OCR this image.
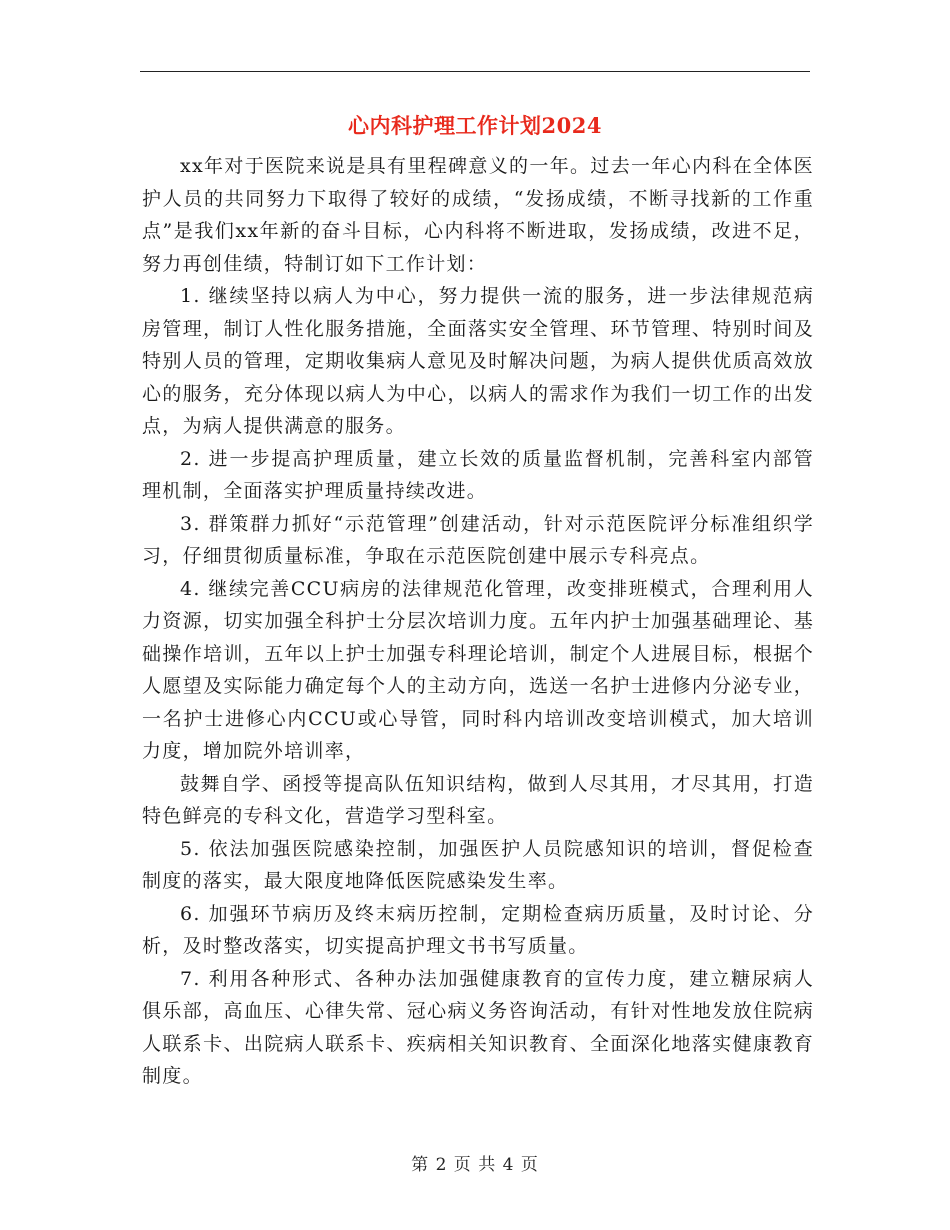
心内科护理工作计划2024

xx年对于医院来说是具有里程碑意义的一年。过去一年心内科在全体医护人员的共同努力下取得了较好的成绩，“发扬成绩，不断寻找新的工作重点”是我们xx年新的奋斗目标，心内科将不断进取，发扬成绩，改进不足，努力再创佳绩，特制订如下工作计划：

1. 继续坚持以病人为中心，努力提供一流的服务，进一步法律规范病房管理，制订人性化服务措施，全面落实安全管理、环节管理、特别时间及特别人员的管理，定期收集病人意见及时解决问题，为病人提供优质高效放心的服务，充分体现以病人为中心，以病人的需求作为我们一切工作的出发点，为病人提供满意的服务。

2. 进一步提高护理质量，建立长效的质量监督机制，完善科室内部管理机制，全面落实护理质量持续改进。

3. 群策群力抓好“示范管理”创建活动，针对示范医院评分标准组织学习，仔细贯彻质量标准，争取在示范医院创建中展示专科亮点。

4. 继续完善CCU病房的法律规范化管理，改变排班模式，合理利用人力资源，切实加强全科护士分层次培训力度。五年内护士加强基础理论、基础操作培训，五年以上护士加强专科理论培训，制定个人进展目标，根据个人愿望及实际能力确定每个人的主动方向，选送一名护士进修内分泌专业，一名护士进修心内CCU或心导管，同时科内培训改变培训模式，加大培训力度，增加院外培训率，

鼓舞自学、函授等提高队伍知识结构，做到人尽其用，才尽其用，打造特色鲜亮的专科文化，营造学习型科室。

5. 依法加强医院感染控制，加强医护人员院感知识的培训，督促检查制度的落实，最大限度地降低医院感染发生率。

6. 加强环节病历及终末病历控制，定期检查病历质量，及时讨论、分析，及时整改落实，切实提高护理文书书写质量。

7. 利用各种形式、各种办法加强健康教育的宣传力度，建立糖尿病人俱乐部，高血压、心律失常、冠心病义务咨询活动，有针对性地发放住院病人联系卡、出院病人联系卡、疾病相关知识教育、全面深化地落实健康教育制度。

第 2 页 共 4 页
